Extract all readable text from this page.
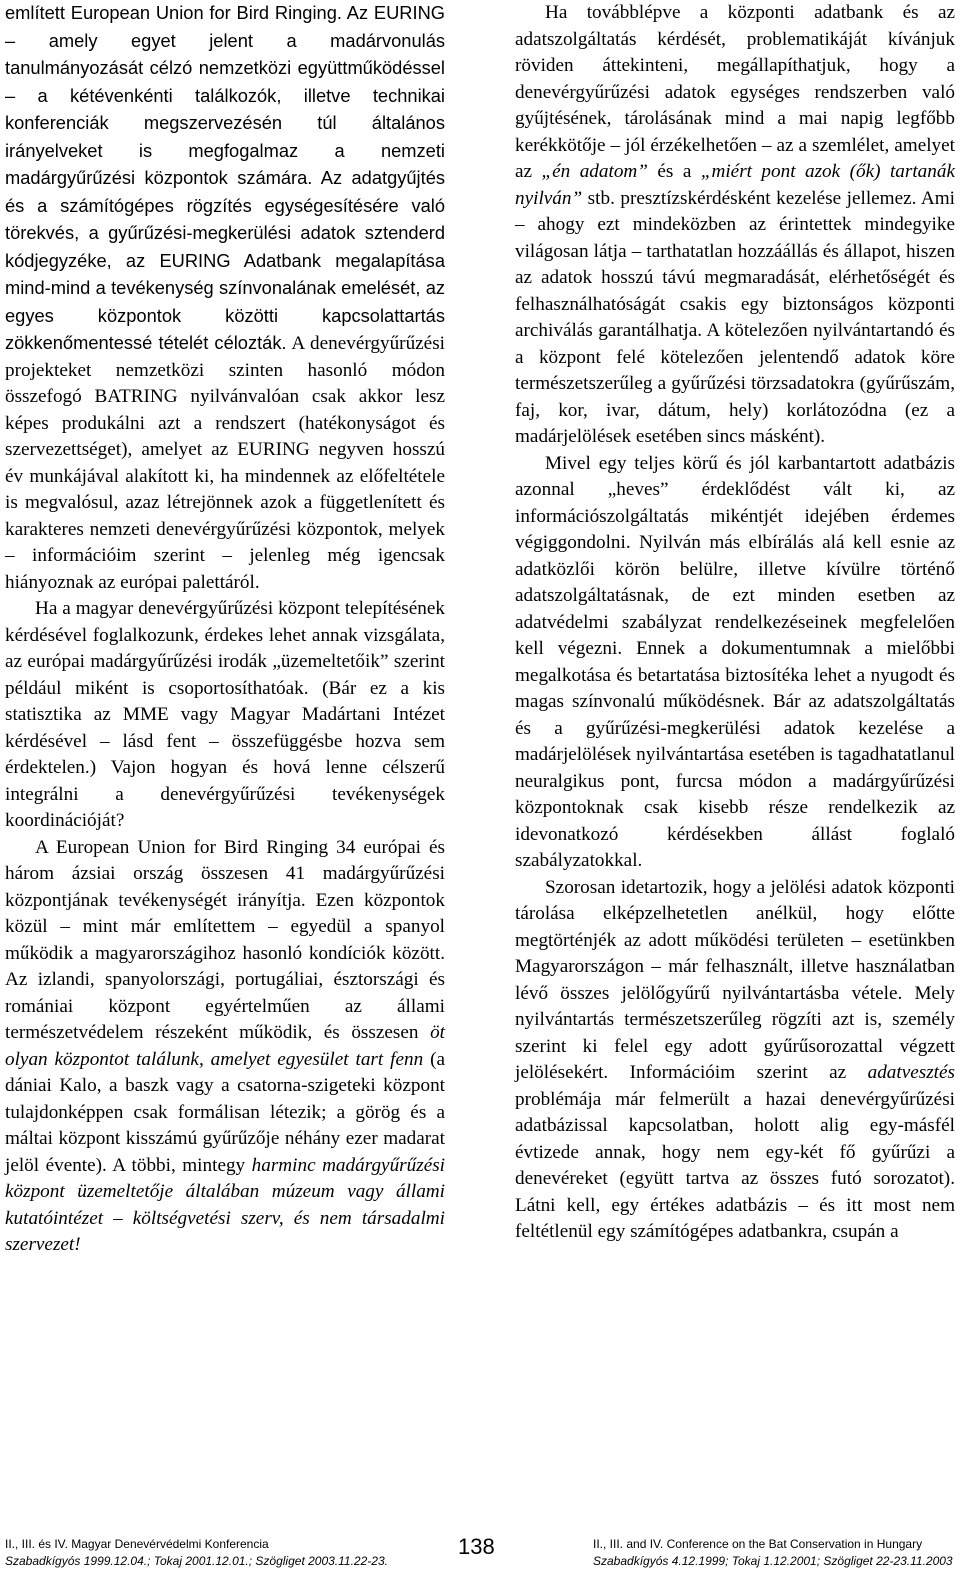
említett European Union for Bird Ringing. Az EURING – amely egyet jelent a madárvonulás tanulmányozását célzó nemzetközi együttműködéssel – a kétévenkénti találkozók, illetve technikai konferenciák megszervezésén túl általános irányelveket is megfogalmaz a nemzeti madárgyűrűzési központok számára. Az adatgyűjtés és a számítógépes rögzítés egységesítésére való törekvés, a gyűrűzési-megkerülési adatok sztenderd kódjegyzéke, az EURING Adatbank megalapítása mind-mind a tevékenység színvonalának emelését, az egyes központok közötti kapcsolattartás zökkenőmentessé tételét célozták. A denevérgyűrűzési projekteket nemzetközi szinten hasonló módon összefogó BATRING nyilvánvalóan csak akkor lesz képes produkálni azt a rendszert (hatékonyságot és szervezettséget), amelyet az EURING negyven hosszú év munkájával alakított ki, ha mindennek az előfeltétele is megvalósul, azaz létrejönnek azok a függetlenített és karakteres nemzeti denevérgyűrűzési központok, melyek – információim szerint – jelenleg még igencsak hiányoznak az európai palettáról.

Ha a magyar denevérgyűrűzési központ telepítésének kérdésével foglalkozunk, érdekes lehet annak vizsgálata, az európai madárgyűrűzési irodák „üzemeltetőik” szerint például miként is csoportosíthatóak. (Bár ez a kis statisztika az MME vagy Magyar Madártani Intézet kérdésével – lásd fent – összefüggésbe hozva sem érdektelen.) Vajon hogyan és hová lenne célszerű integrálni a denevérgyűrűzési tevékenységek koordinációját?

A European Union for Bird Ringing 34 európai és három ázsiai ország összesen 41 madárgyűrűzési központjának tevékenységét irányítja. Ezen központok közül – mint már említettem – egyedül a spanyol működik a magyarországihoz hasonló kondíciók között. Az izlandi, spanyolországi, portugáliai, észtországi és romániai központ egyértelműen az állami természetvédelem részeként működik, és összesen öt olyan központot találunk, amelyet egyesület tart fenn (a dániai Kalo, a baszk vagy a csatorna-szigeteki központ tulajdonképpen csak formálisan létezik; a görög és a máltai központ kisszámú gyűrűzője néhány ezer madarat jelöl évente). A többi, mintegy harminc madárgyűrűzési központ üzemeltetője általában múzeum vagy állami kutatóintézet – költségvetési szerv, és nem társadalmi szervezet!

Ha továbblépve a központi adatbank és az adatszolgáltatás kérdését, problematikáját kívánjuk röviden áttekinteni, megállapíthatjuk, hogy a denevérgyűrűzési adatok egységes rendszerben való gyűjtésének, tárolásának mind a mai napig legfőbb kerékkötője – jól érzékelhetően – az a szemlélet, amelyet az „én adatom” és a „miért pont azok (ők) tartanák nyilván” stb. presztízskérdésként kezelése jellemez. Ami – ahogy ezt mindeközben az érintettek mindegyike világosan látja – tarthatatlan hozzáállás és állapot, hiszen az adatok hosszú távú megmaradását, elérhetőségét és felhasználhatóságát csakis egy biztonságos központi archiválás garantálhatja. A kötelezően nyilvántartandó és a központ felé kötelezően jelentendő adatok köre természetszerűleg a gyűrűzési törzsadatokra (gyűrűszám, faj, kor, ivar, dátum, hely) korlátozódna (ez a madárjelölések esetében sincs másként).

Mivel egy teljes körű és jól karbantartott adatbázis azonnal „heves” érdeklődést vált ki, az információszolgáltatás mikéntjét idejében érdemes végiggondolni. Nyilván más elbírálás alá kell esnie az adatközlői körön belülre, illetve kívülre történő adatszolgáltatásnak, de ezt minden esetben az adatvédelmi szabályzat rendelkezéseinek megfelelően kell végezni. Ennek a dokumentumnak a mielőbbi megalkotása és betartatása biztosítéka lehet a nyugodt és magas színvonalú működésnek. Bár az adatszolgáltatás és a gyűrűzési-megkerülési adatok kezelése a madárjelölések nyilvántartása esetében is tagadhatatlanul neuralgikus pont, furcsa módon a madárgyűrűzési központoknak csak kisebb része rendelkezik az idevonatkozó kérdésekben állást foglaló szabályzatokkal.

Szorosan idetartozik, hogy a jelölési adatok központi tárolása elképzelhetetlen anélkül, hogy előtte megtörténjék az adott működési területen – esetünkben Magyarországon – már felhasznált, illetve használatban lévő összes jelölőgyűrű nyilvántartásba vétele. Mely nyilvántartás természetszerűleg rögzíti azt is, személy szerint ki felel egy adott gyűrűsorozattal végzett jelölésekért. Információim szerint az adatvesztés problémája már felmerült a hazai denevérgyűrűzési adatbázissal kapcsolatban, holott alig egy-másfél évtizede annak, hogy nem egy-két fő gyűrűzi a denevéreket (együtt tartva az összes futó sorozatot). Látni kell, egy értékes adatbázis – és itt most nem feltétlenül egy számítógépes adatbankra, csupán a

II., III. és IV. Magyar Denevérvédelmi Konferencia
Szabadkígyós 1999.12.04.; Tokaj 2001.12.01.; Szögliget 2003.11.22-23.
138	II., III. and IV. Conference on the Bat Conservation in Hungary
Szabadkígyós 4.12.1999; Tokaj 1.12.2001; Szögliget 22-23.11.2003
